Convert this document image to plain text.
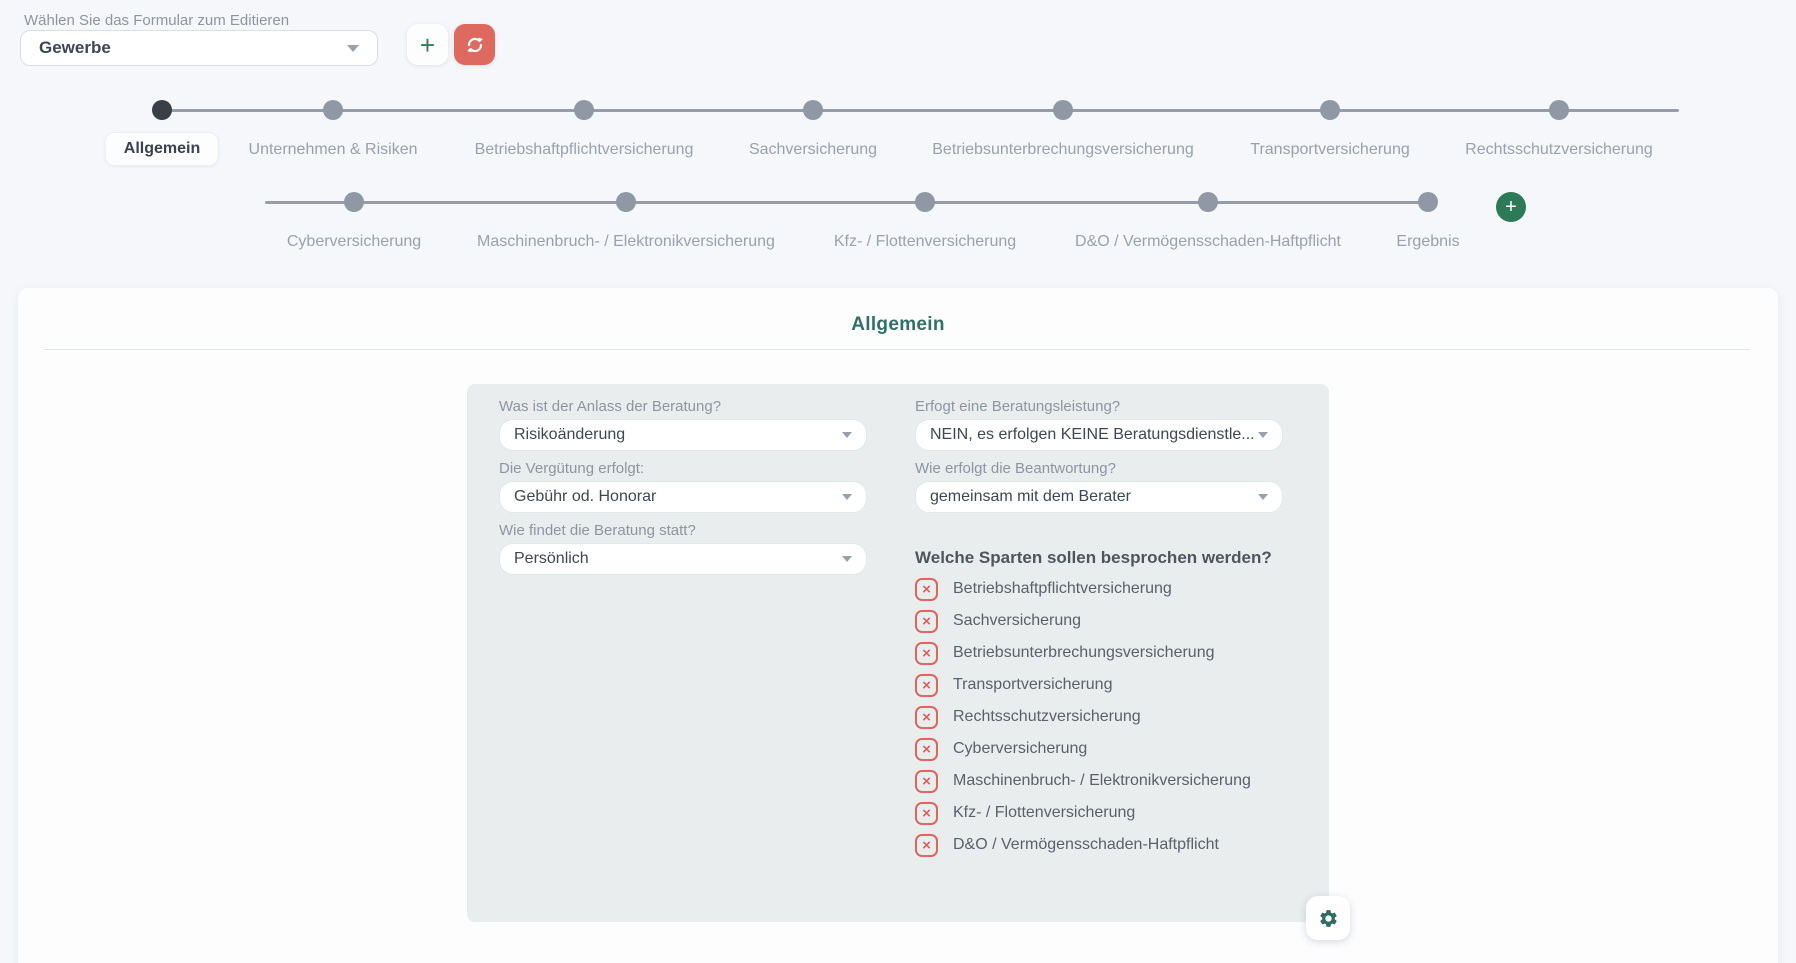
Wählen Sie das Formular zum Editieren
Gewerbe	+
Allgemein	Unternehmen & Risiken	Betriebshaftpflichtversicherung	Sachversicherung	Betriebsunterbrechungsversicherung	Transportversicherung	Rechtsschutzversicherung
Cyberversicherung	Maschinenbruch- / Elektronikversicherung	Kfz- / Flottenversicherung	D&O / Vermögensschaden-Haftpflicht	Ergebnis
+
Allgemein
Was ist der Anlass der Beratung?
Risikoänderung
Die Vergütung erfolgt:
Gebühr od. Honorar
Wie findet die Beratung statt?
Persönlich
Erfogt eine Beratungsleistung?
NEIN, es erfolgen KEINE Beratungsdienstle...
Wie erfolgt die Beantwortung?
gemeinsam mit dem Berater
Welche Sparten sollen besprochen werden?
× Betriebshaftpflichtversicherung
× Sachversicherung
× Betriebsunterbrechungsversicherung
× Transportversicherung
× Rechtsschutzversicherung
× Cyberversicherung
× Maschinenbruch- / Elektronikversicherung
× Kfz- / Flottenversicherung
× D&O / Vermögensschaden-Haftpflicht
